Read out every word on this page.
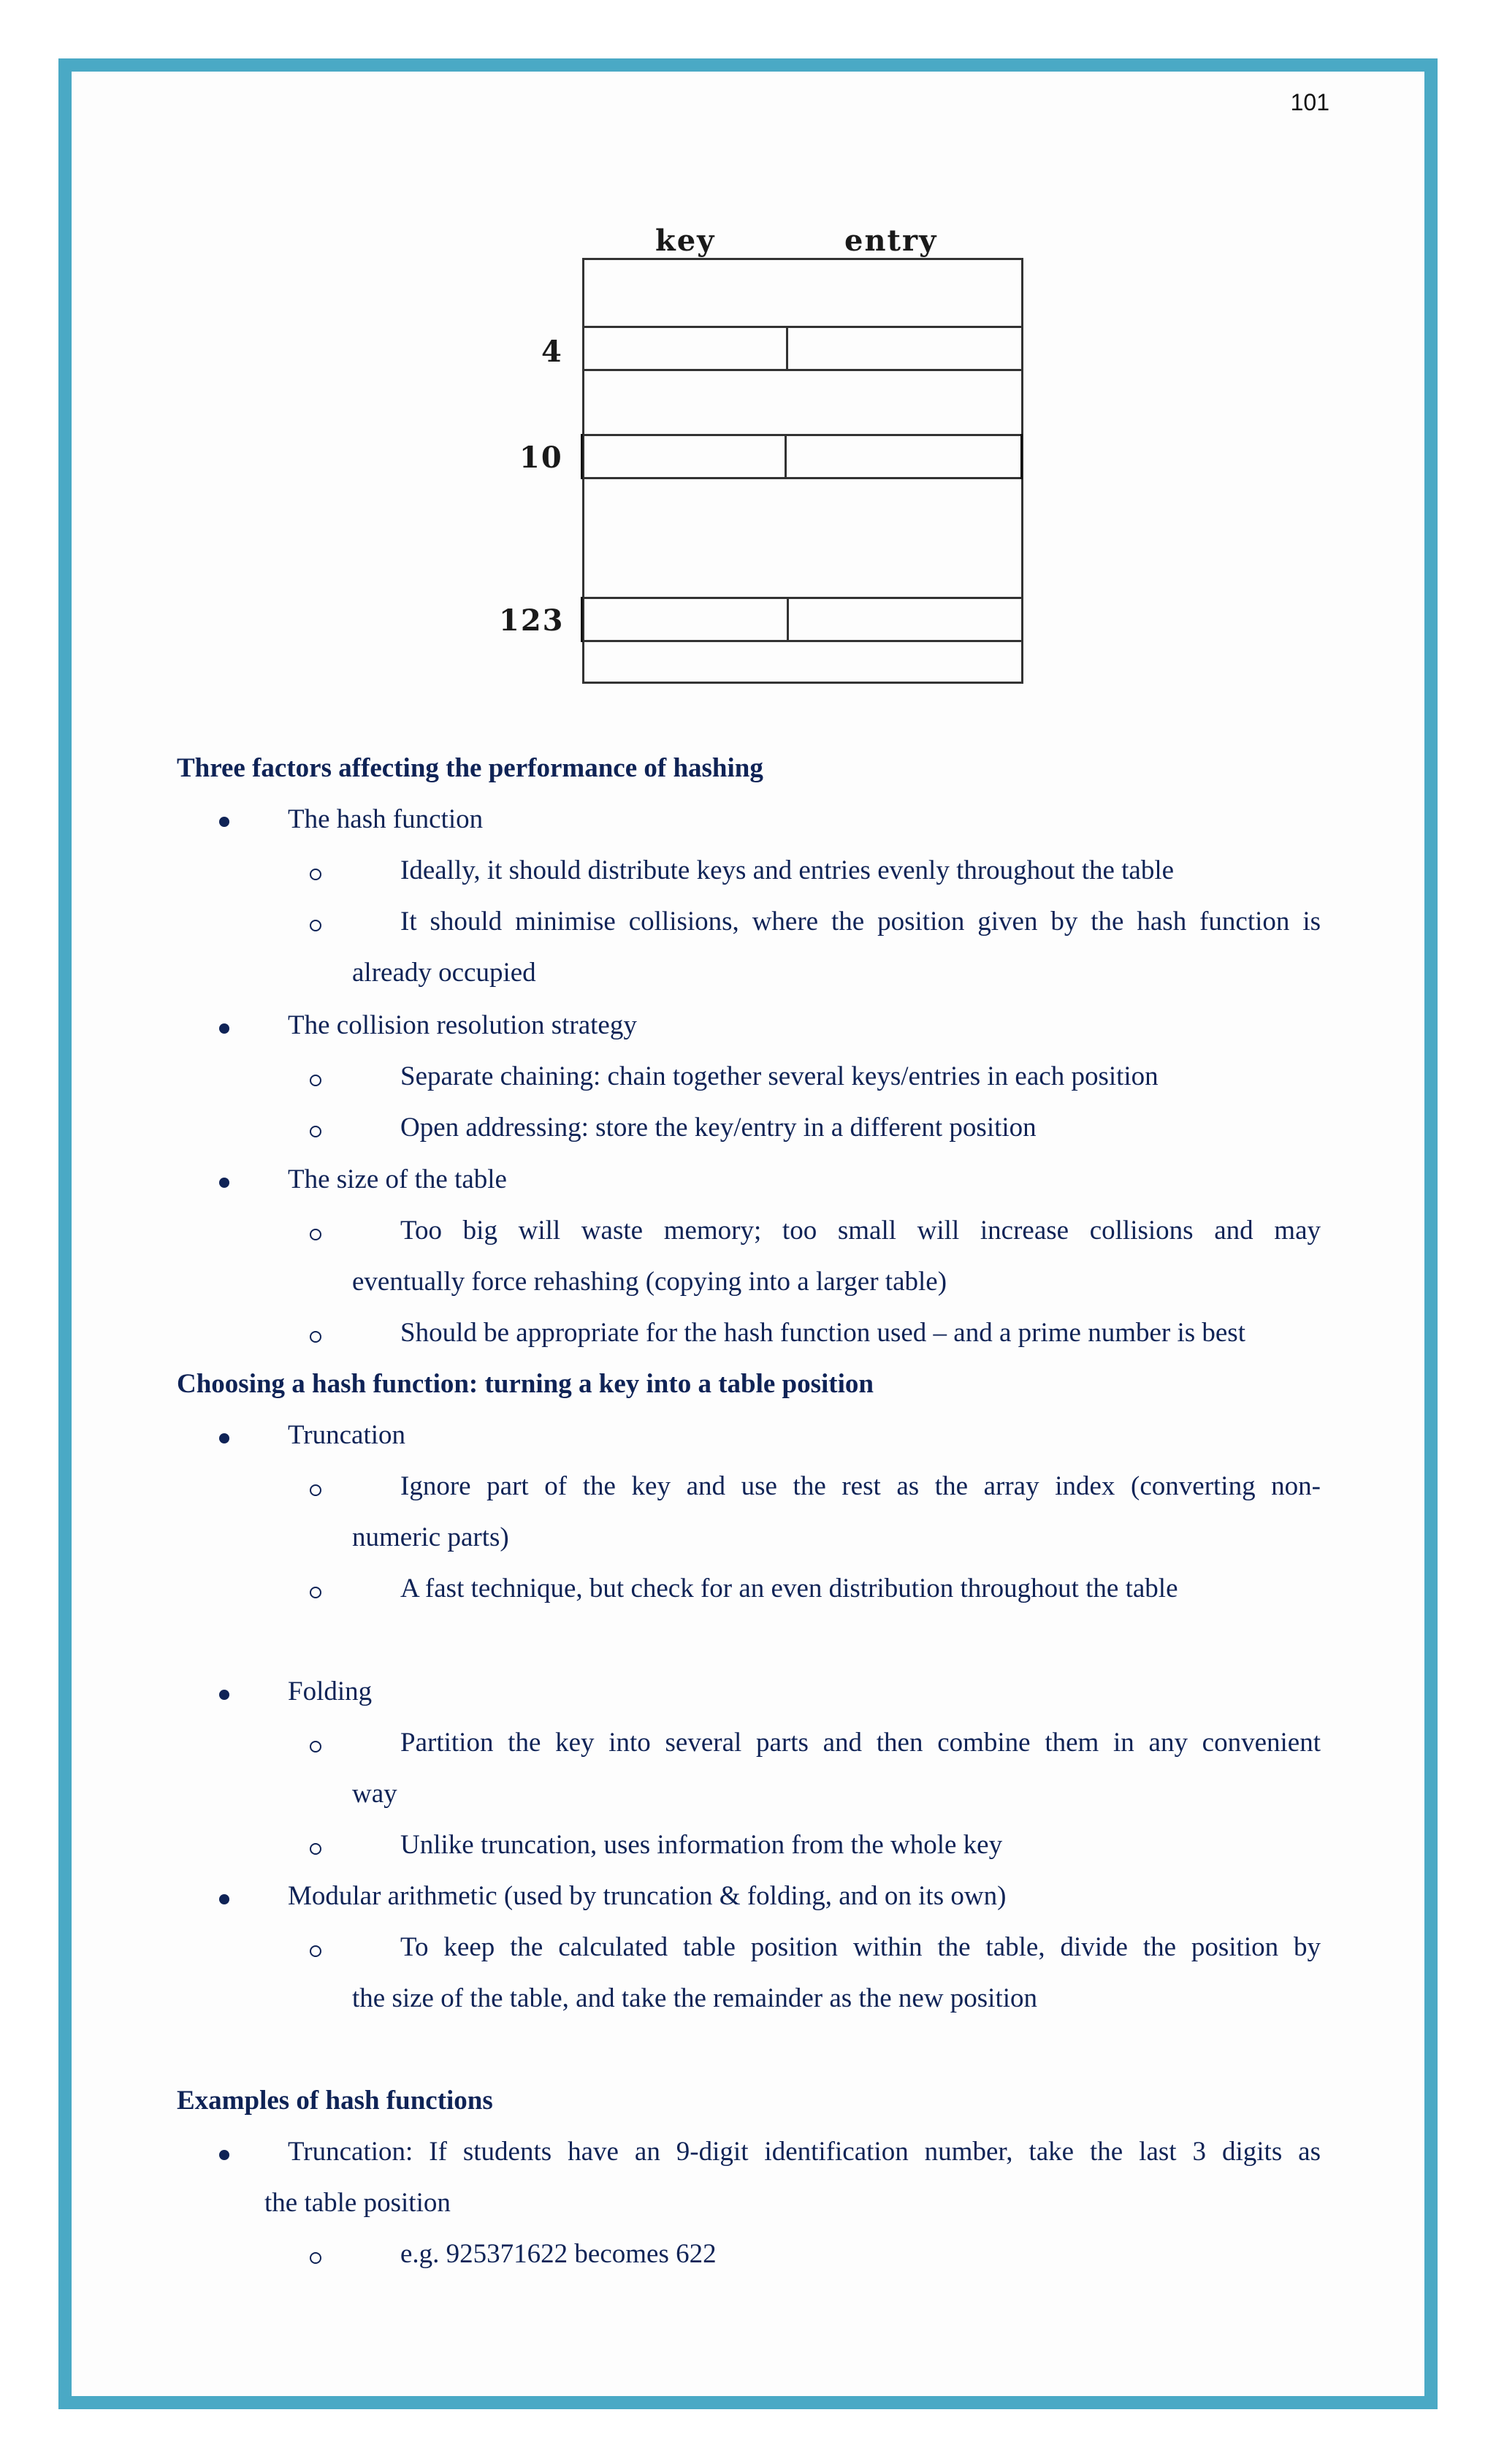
101
key	entry
4
10
123
Three factors affecting the performance of hashing
The hash function
Ideally, it should distribute keys and entries evenly throughout the table
It should minimise collisions, where the position given by the hash function is
already occupied
The collision resolution strategy
Separate chaining: chain together several keys/entries in each position
Open addressing: store the key/entry in a different position
The size of the table
Too big will waste memory; too small will increase collisions and may
eventually force rehashing (copying into a larger table)
Should be appropriate for the hash function used – and a prime number is best
Choosing a hash function: turning a key into a table position
Truncation
Ignore part of the key and use the rest as the array index (converting non-
numeric parts)
A fast technique, but check for an even distribution throughout the table
Folding
Partition the key into several parts and then combine them in any convenient
way
Unlike truncation, uses information from the whole key
Modular arithmetic (used by truncation & folding, and on its own)
To keep the calculated table position within the table, divide the position by
the size of the table, and take the remainder as the new position
Examples of hash functions
Truncation: If students have an 9-digit identification number, take the last 3 digits as
the table position
e.g. 925371622 becomes 622
